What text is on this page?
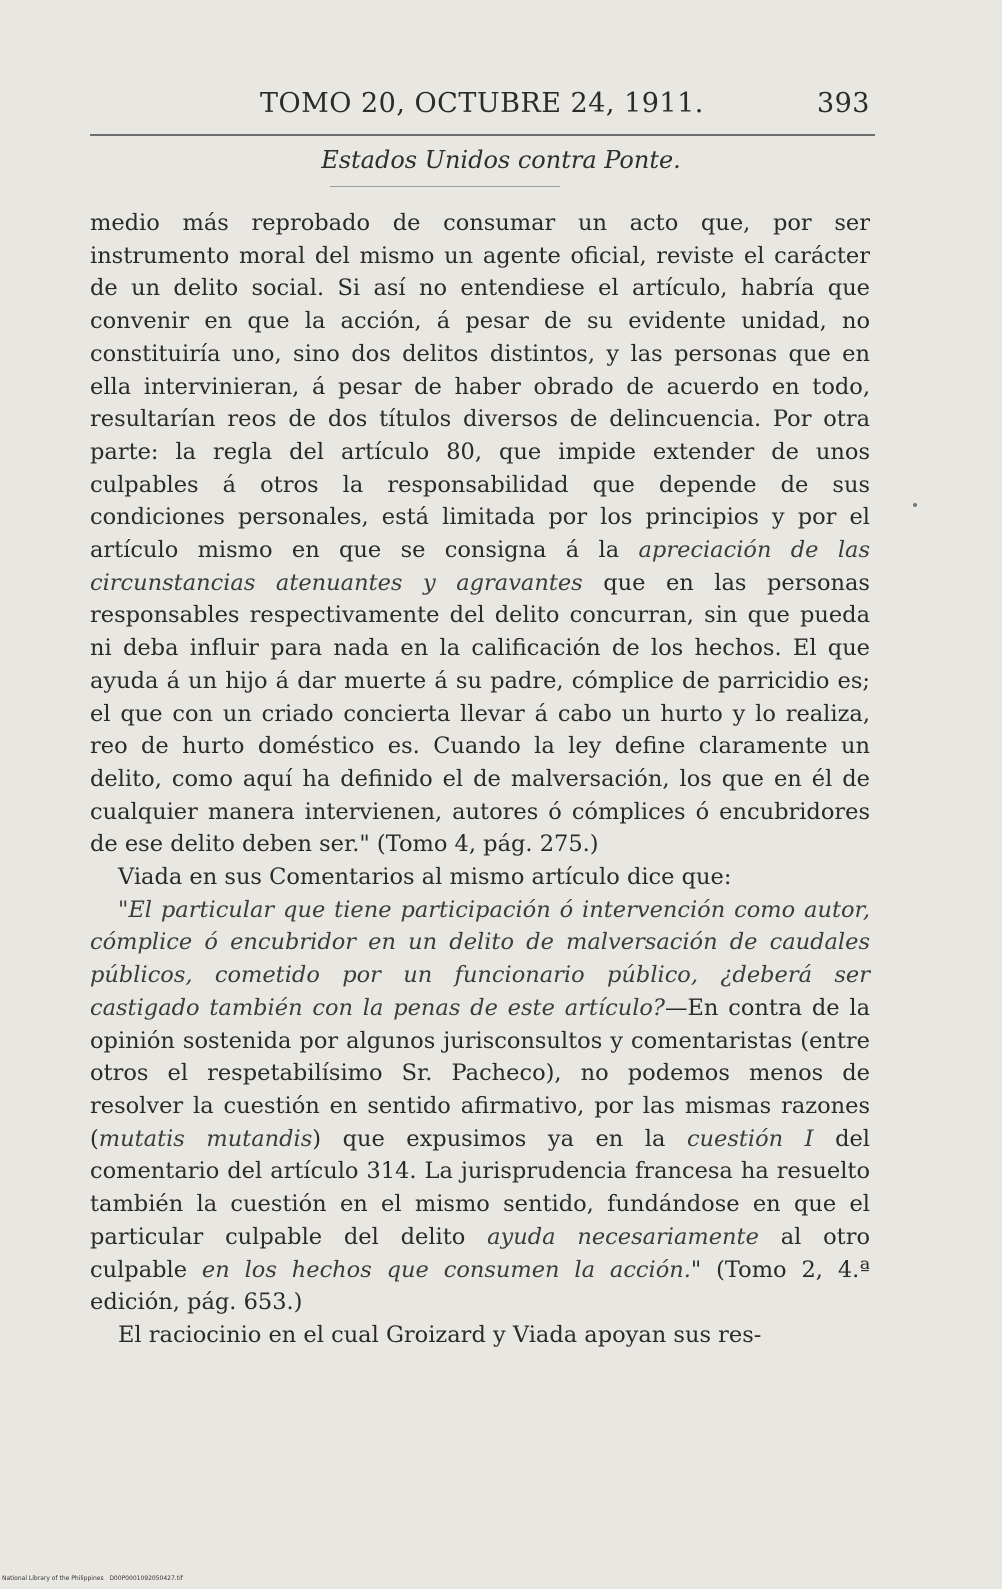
TOMO 20, OCTUBRE 24, 1911.	393
Estados Unidos contra Ponte.

medio más reprobado de consumar un acto que, por ser instrumento moral del mismo un agente oficial, reviste el carácter de un delito social. Si así no entendiese el artículo, habría que convenir en que la acción, á pesar de su evidente unidad, no constituiría uno, sino dos delitos distintos, y las personas que en ella intervinieran, á pesar de haber obrado de acuerdo en todo, resultarían reos de dos títulos diversos de delincuencia. Por otra parte: la regla del artículo 80, que impide extender de unos culpables á otros la responsabilidad que depende de sus condiciones personales, está limitada por los principios y por el artículo mismo en que se consigna á la apreciación de las circunstancias atenuantes y agravantes que en las personas responsables respectivamente del delito concurran, sin que pueda ni deba influir para nada en la calificación de los hechos. El que ayuda á un hijo á dar muerte á su padre, cómplice de parricidio es; el que con un criado concierta llevar á cabo un hurto y lo realiza, reo de hurto doméstico es. Cuando la ley define claramente un delito, como aquí ha definido el de malversación, los que en él de cualquier manera intervienen, autores ó cómplices ó encubridores de ese delito deben ser." (Tomo 4, pág. 275.)

Viada en sus Comentarios al mismo artículo dice que:

"El particular que tiene participación ó intervención como autor, cómplice ó encubridor en un delito de malversación de caudales públicos, cometido por un funcionario público, ¿deberá ser castigado también con la penas de este artículo?—En contra de la opinión sostenida por algunos jurisconsultos y comentaristas (entre otros el respetabilísimo Sr. Pacheco), no podemos menos de resolver la cuestión en sentido afirmativo, por las mismas razones (mutatis mutandis) que expusimos ya en la cuestión I del comentario del artículo 314. La jurisprudencia francesa ha resuelto también la cuestión en el mismo sentido, fundándose en que el particular culpable del delito ayuda necesariamente al otro culpable en los hechos que consumen la acción." (Tomo 2, 4.ª edición, pág. 653.)

El raciocinio en el cual Groizard y Viada apoyan sus res-

National Library of the Philippines D00P0001092050427.tif
